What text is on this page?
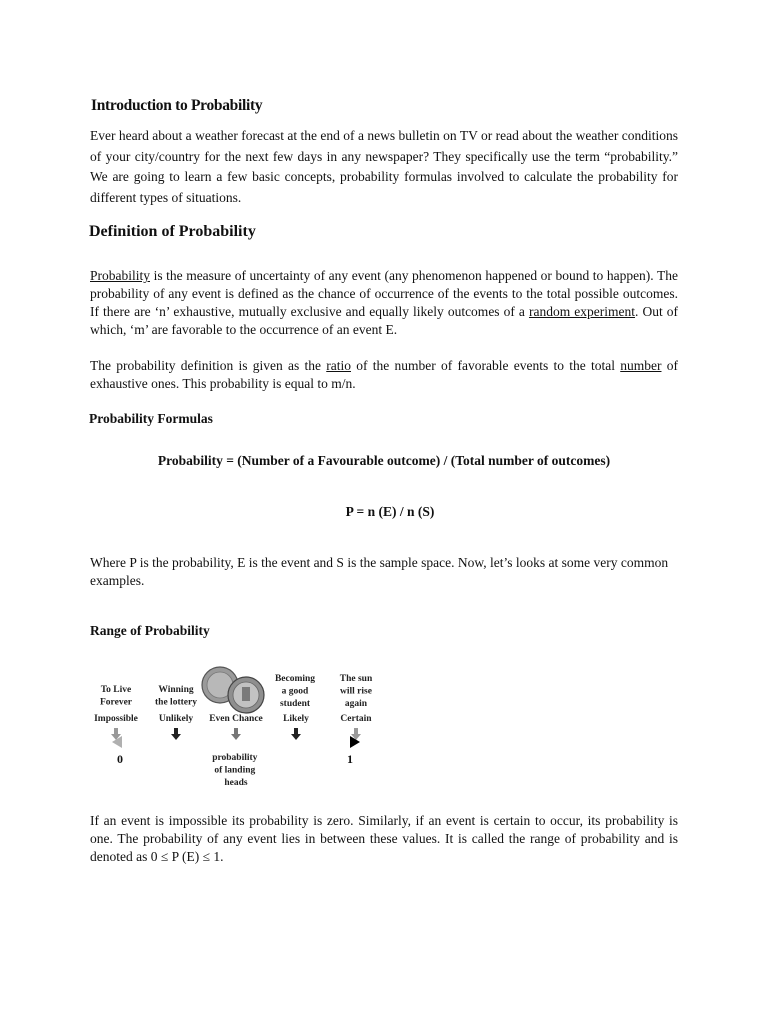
Introduction to Probability

Ever heard about a weather forecast at the end of a news bulletin on TV or read about the weather conditions of your city/country for the next few days in any newspaper? They specifically use the term “probability.” We are going to learn a few basic concepts, probability formulas involved to calculate the probability for different types of situations.

Definition of Probability

Probability is the measure of uncertainty of any event (any phenomenon happened or bound to happen). The probability of any event is defined as the chance of occurrence of the events to the total possible outcomes. If there are ‘n’ exhaustive, mutually exclusive and equally likely outcomes of a random experiment. Out of which, ‘m’ are favorable to the occurrence of an event E.

The probability definition is given as the ratio of the number of favorable events to the total number of exhaustive ones. This probability is equal to m/n.

Probability Formulas

Probability = (Number of a Favourable outcome) / (Total number of outcomes)

P = n (E) / n (S)

Where P is the probability, E is the event and S is the sample space. Now, let’s looks at some very common examples.

Range of Probability
To Live Forever
Winning the lottery
Becoming a good student
The sun will rise again
Impossible Unlikely Even Chance Likely	Certain
0	1
probability of landing heads

If an event is impossible its probability is zero. Similarly, if an event is certain to occur, its probability is one. The probability of any event lies in between these values. It is called the range of probability and is denoted as 0 ≤ P (E) ≤ 1.
